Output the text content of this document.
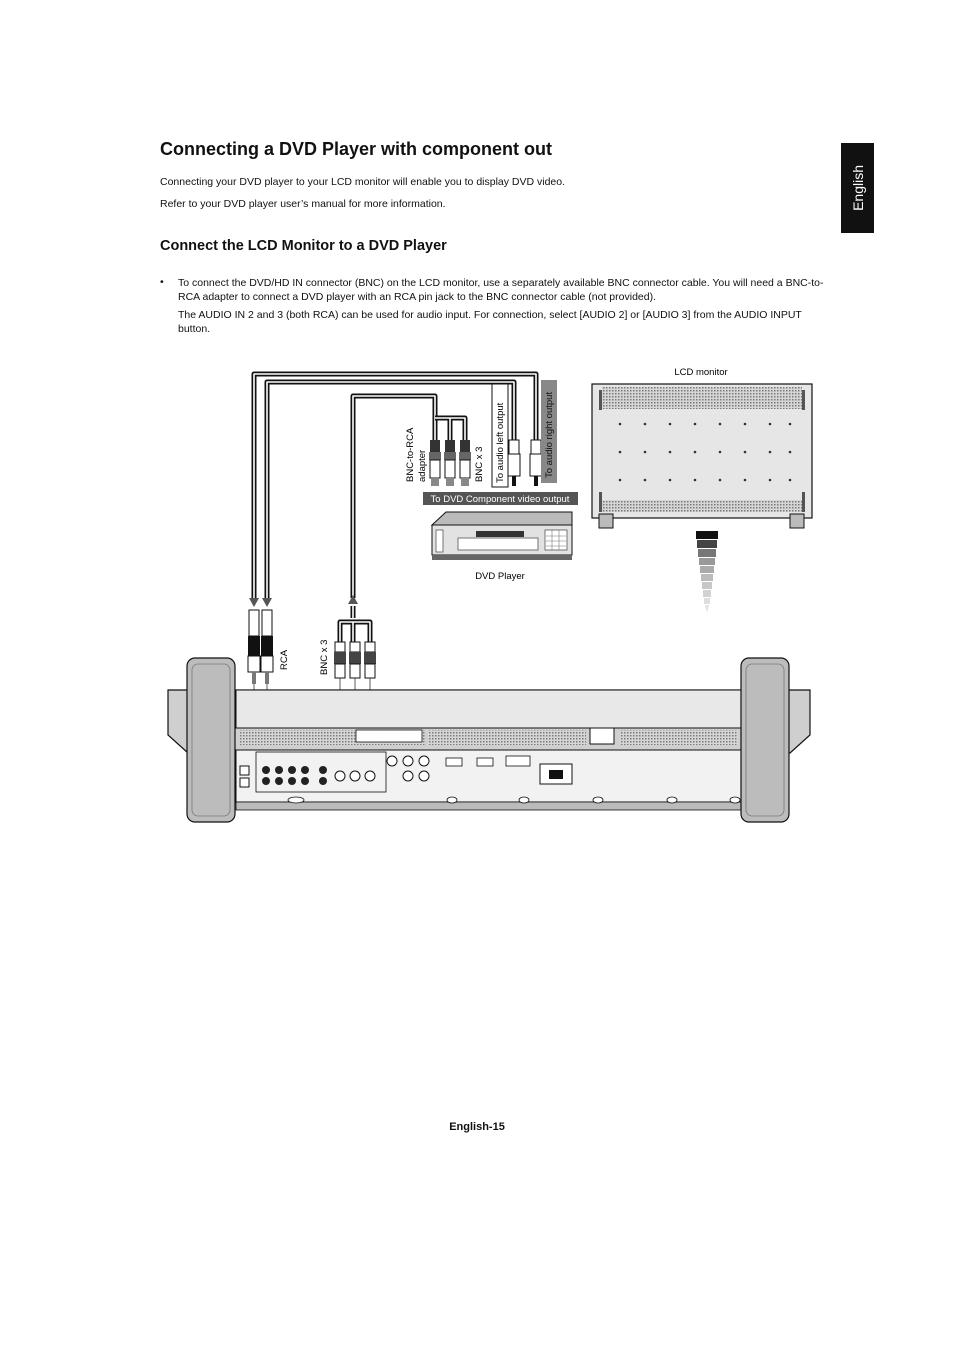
Connecting a DVD Player with component out

Connecting your DVD player to your LCD monitor will enable you to display DVD video.

Refer to your DVD player user’s manual for more information.

Connect the LCD Monitor to a DVD Player
• To connect the DVD/HD IN connector (BNC) on the LCD monitor, use a separately available BNC connector cable. You will need a BNC-to-RCA adapter to connect a DVD player with an RCA pin jack to the BNC connector cable (not provided).

The AUDIO IN 2 and 3 (both RCA) can be used for audio input. For connection, select [AUDIO 2] or [AUDIO 3] from the AUDIO INPUT button.

English
BNC-to-RCA adapter	BNC x 3 To audio left output	To audio right output
To DVD Component video output
DVD Player
LCD monitor
RCA	BNC x 3
English-15
